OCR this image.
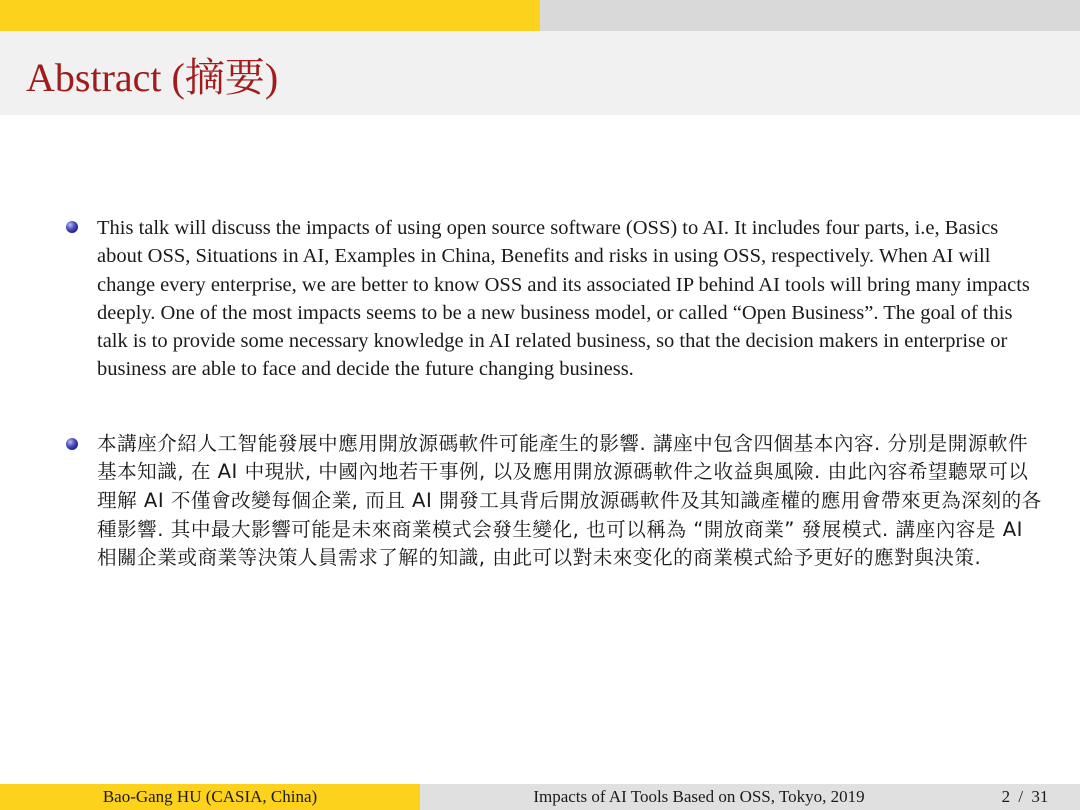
Abstract (摘要)

This talk will discuss the impacts of using open source software (OSS) to AI. It includes four parts, i.e, Basics about OSS, Situations in AI, Examples in China, Benefits and risks in using OSS, respectively. When AI will change every enterprise, we are better to know OSS and its associated IP behind AI tools will bring many impacts deeply. One of the most impacts seems to be a new business model, or called “Open Business”. The goal of this talk is to provide some necessary knowledge in AI related business, so that the decision makers in enterprise or business are able to face and decide the future changing business.

本講座介紹人工智能發展中應用開放源碼軟件可能產生的影響. 講座中包含四個基本內容. 分別是開源軟件基本知識, 在 AI 中現狀, 中國內地若干事例, 以及應用開放源碼軟件之收益與風險. 由此內容希望聽眾可以理解 AI 不僅會改變每個企業, 而且 AI 開發工具背后開放源碼軟件及其知識產權的應用會帶來更為深刻的各種影響. 其中最大影響可能是未來商業模式会發生變化, 也可以稱為 “開放商業” 發展模式. 講座內容是 AI 相關企業或商業等決策人員需求了解的知識, 由此可以對未來变化的商業模式給予更好的應對與決策.

Bao-Gang HU (CASIA, China)	Impacts of AI Tools Based on OSS, Tokyo, 2019	2 / 31
